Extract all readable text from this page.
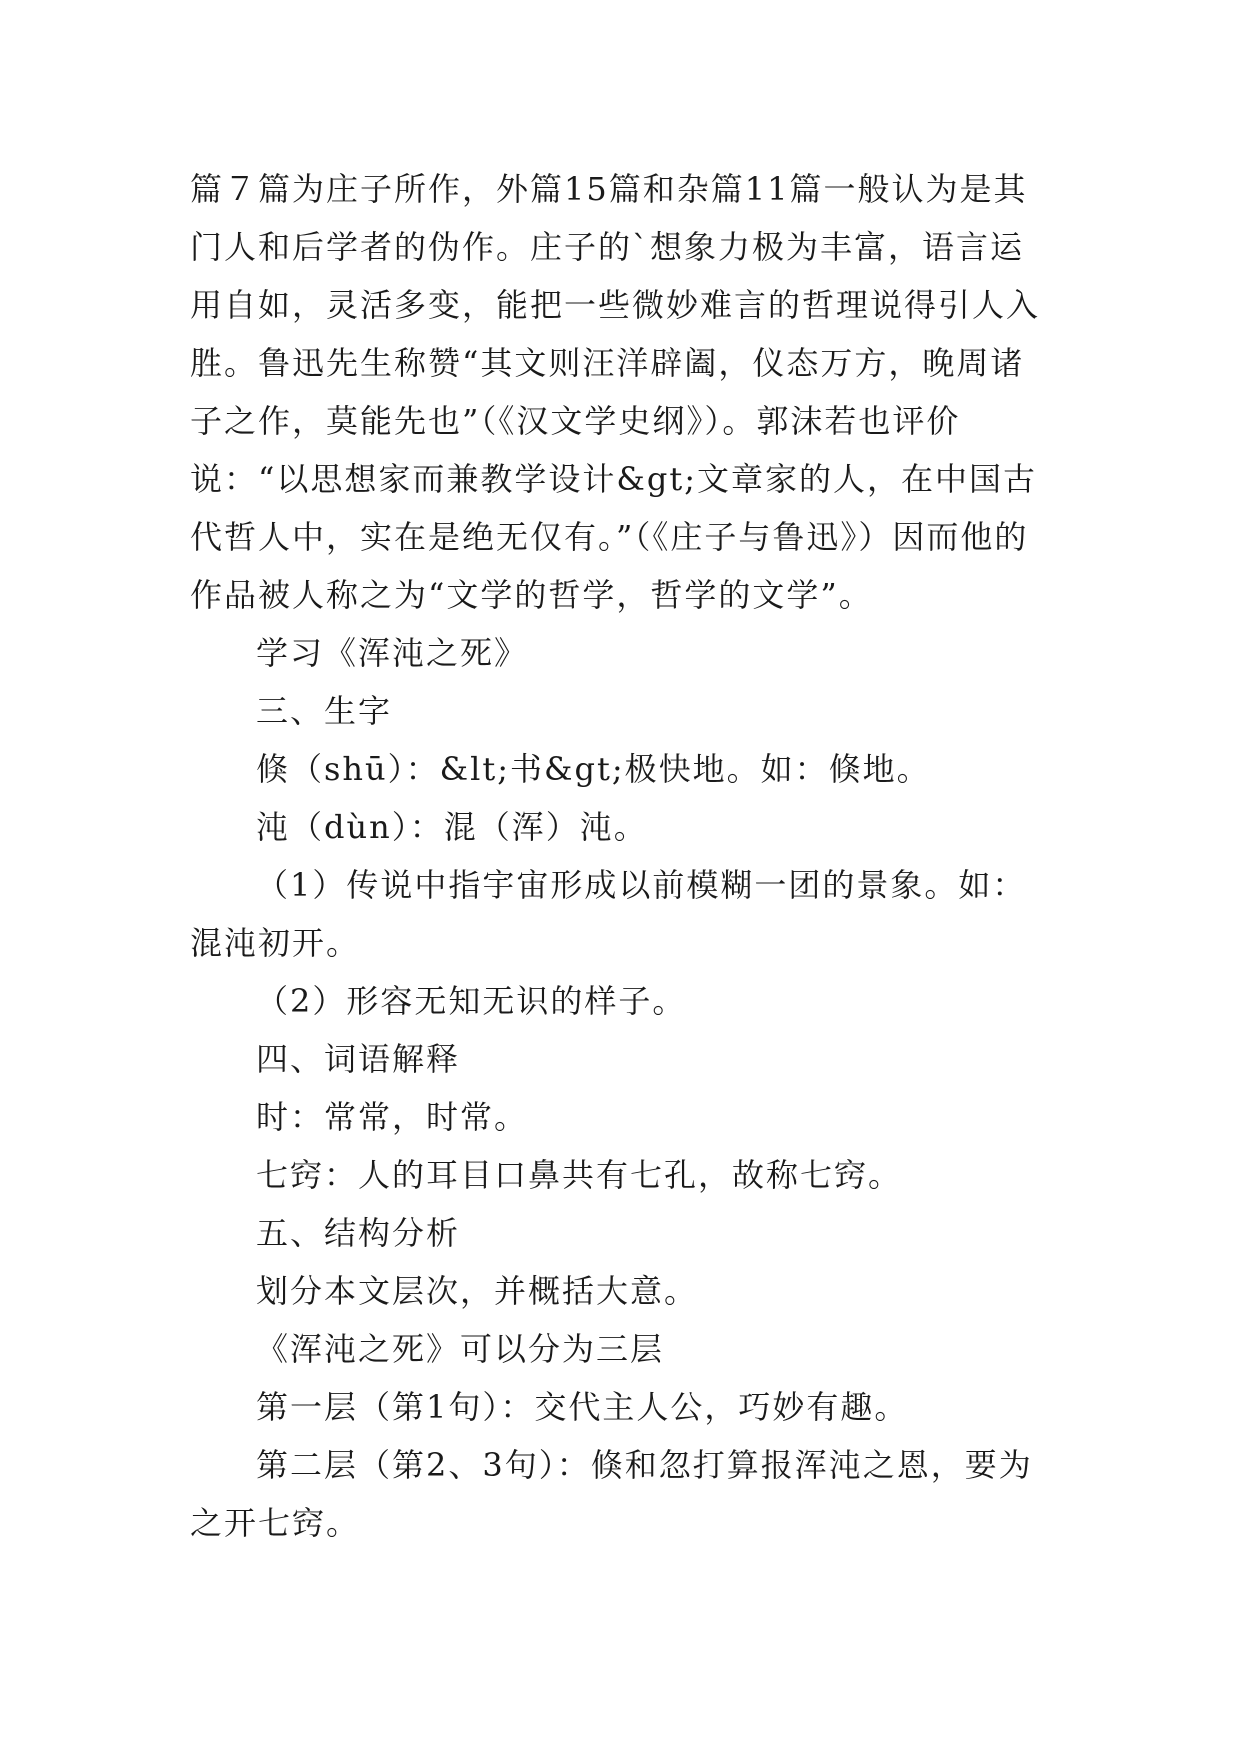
篇７篇为庄子所作，外篇15篇和杂篇11篇一般认为是其门人和后学者的伪作。庄子的`想象力极为丰富，语言运用自如，灵活多变，能把一些微妙难言的哲理说得引人入胜。鲁迅先生称赞“其文则汪洋辟阖，仪态万方，晚周诸子之作，莫能先也”（《汉文学史纲》）。郭沫若也评价说：“以思想家而兼教学设计&gt;文章家的人，在中国古代哲人中，实在是绝无仅有。”（《庄子与鲁迅》）因而他的作品被人称之为“文学的哲学，哲学的文学”。

学习《浑沌之死》

三、生字

倏（shū）：&lt;书&gt;极快地。如：倏地。

沌（dùn）：混（浑）沌。

（1）传说中指宇宙形成以前模糊一团的景象。如：混沌初开。

（2）形容无知无识的样子。

四、词语解释

时：常常，时常。

七窍：人的耳目口鼻共有七孔，故称七窍。

五、结构分析

划分本文层次，并概括大意。

《浑沌之死》可以分为三层

第一层（第1句）：交代主人公，巧妙有趣。

第二层（第2、3句）：倏和忽打算报浑沌之恩，要为之开七窍。
